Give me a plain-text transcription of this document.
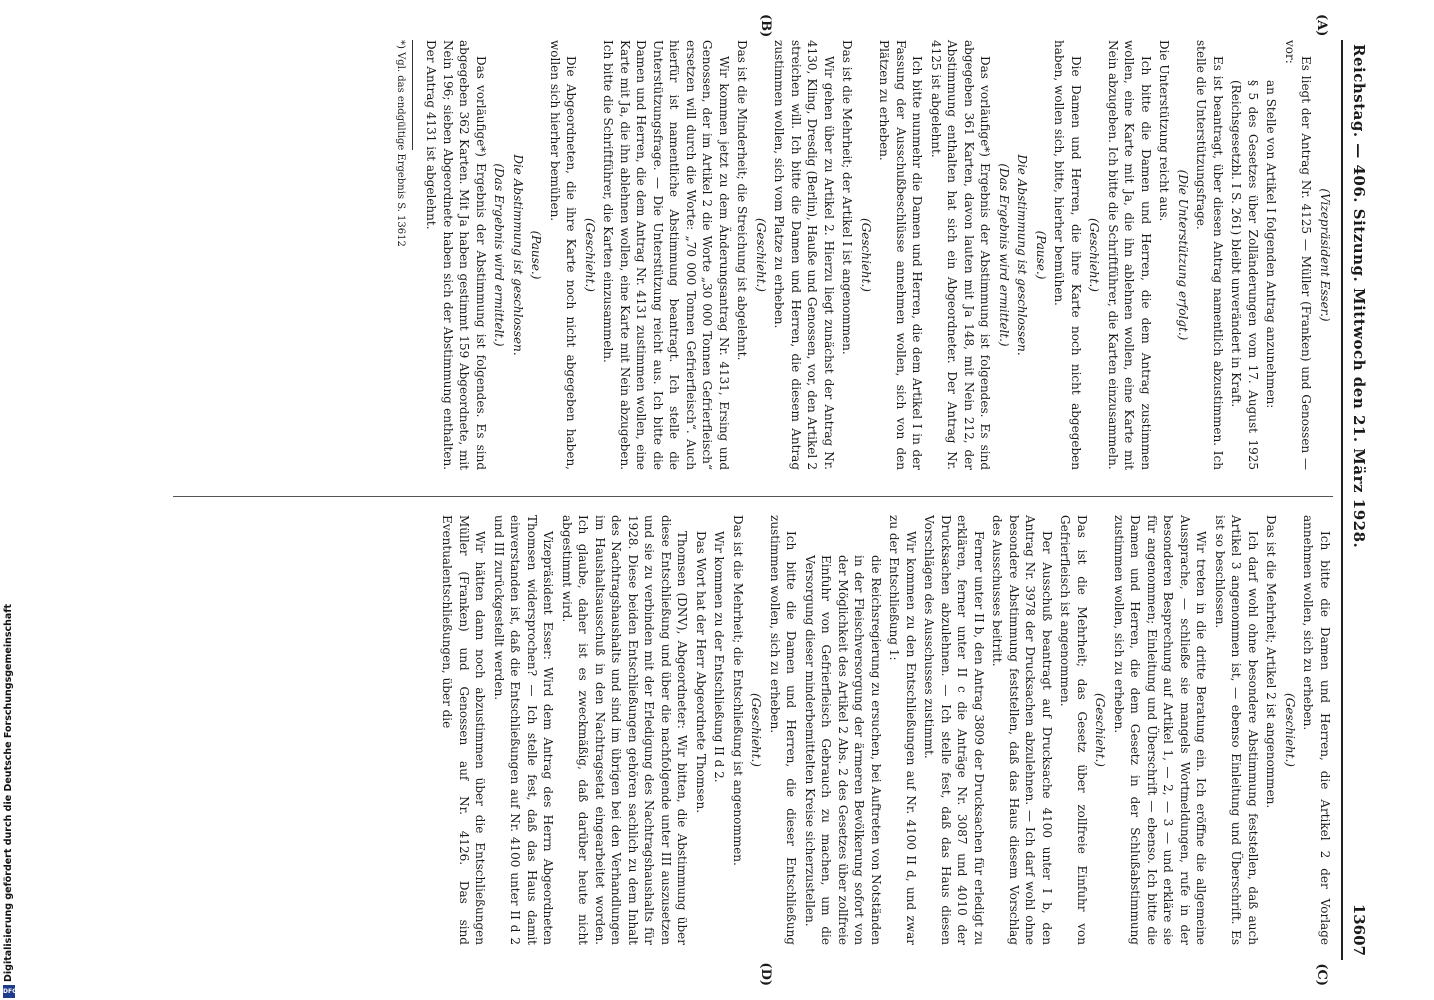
Reichstag. — 406. Sitzung. Mittwoch den 21. März 1928.
13607
(A)
(B)
(C)
(D)

(Vizepräsident Esser.)

Es liegt der Antrag Nr. 4125 — Müller (Franken) und Genossen — vor:

an Stelle von Artikel I folgenden Antrag anzunehmen:

§ 5 des Gesetzes über Zolländerungen vom 17. August 1925 (Reichsgesetzbl. I S. 261) bleibt unverändert in Kraft.

Es ist beantragt, über diesen Antrag namentlich abzustimmen. Ich stelle die Unterstützungsfrage.

(Die Unterstützung erfolgt.)

Die Unterstützung reicht aus.

Ich bitte die Damen und Herren, die dem Antrag zustimmen wollen, eine Karte mit Ja, die ihn ablehnen wollen, eine Karte mit Nein abzugeben. Ich bitte die Schriftführer, die Karten einzusammeln.

(Geschieht.)

Die Damen und Herren, die ihre Karte noch nicht abgegeben haben, wollen sich, bitte, hierher bemühen.

(Pause.)

Die Abstimmung ist geschlossen.

(Das Ergebnis wird ermittelt.)

Das vorläufige*) Ergebnis der Abstimmung ist folgendes. Es sind abgegeben 361 Karten, davon lauten mit Ja 148, mit Nein 212, der Abstimmung enthalten hat sich ein Abgeordneter. Der Antrag Nr. 4125 ist abgelehnt.

Ich bitte nunmehr die Damen und Herren, die dem Artikel I in der Fassung der Ausschußbeschlüsse annehmen wollen, sich von den Plätzen zu erheben.

(Geschieht.)

Das ist die Mehrheit; der Artikel I ist angenommen.

Wir gehen über zu Artikel 2. Hierzu liegt zunächst der Antrag Nr. 4130, Kling, Dresdig (Berlin), Hauße und Genossen, vor, den Artikel 2 streichen will. Ich bitte die Damen und Herren, die diesem Antrag zustimmen wollen, sich vom Platze zu erheben.

(Geschieht.)

Das ist die Minderheit; die Streichung ist abgelehnt.

Wir kommen jetzt zu dem Änderungsantrag Nr. 4131, Ersing und Genossen, der im Artikel 2 die Worte „30 000 Tonnen Gefrierfleisch“ ersetzen will durch die Worte: „70 000 Tonnen Gefrierfleisch“. Auch hierfür ist namentliche Abstimmung beantragt. Ich stelle die Unterstützungsfrage. — Die Unterstützung reicht aus. Ich bitte die Damen und Herren, die dem Antrag Nr. 4131 zustimmen wollen, eine Karte mit Ja, die ihn ablehnen wollen, eine Karte mit Nein abzugeben. Ich bitte die Schriftführer, die Karten einzusammeln.

(Geschieht.)

Die Abgeordneten, die ihre Karte noch nicht abgegeben haben, wollen sich hierher bemühen.

(Pause.)

Die Abstimmung ist geschlossen.

(Das Ergebnis wird ermittelt.)

Das vorläufige*) Ergebnis der Abstimmung ist folgendes. Es sind abgegeben 362 Karten. Mit Ja haben gestimmt 159 Abgeordnete, mit Nein 196; sieben Abgeordnete haben sich der Abstimmung enthalten. Der Antrag 4131 ist abgelehnt.

*) Vgl. das endgültige Ergebnis S. 13612

Ich bitte die Damen und Herren, die Artikel 2 der Vorlage annehmen wollen, sich zu erheben.

(Geschieht.)

Das ist die Mehrheit; Artikel 2 ist angenommen.

Ich darf wohl ohne besondere Abstimmung feststellen, daß auch Artikel 3 angenommen ist, — ebenso Einleitung und Überschrift. Es ist so beschlossen.

Wir treten in die dritte Beratung ein. Ich eröffne die allgemeine Aussprache, — schließe sie mangels Wortmeldungen, rufe in der besonderen Besprechung auf Artikel 1, — 2, — 3 — und erkläre sie für angenommen; Einleitung und Überschrift — ebenso. Ich bitte die Damen und Herren, die dem Gesetz in der Schlußabstimmung zustimmen wollen, sich zu erheben.

(Geschieht.)

Das ist die Mehrheit; das Gesetz über zollfreie Einfuhr von Gefrierfleisch ist angenommen.

Der Ausschuß beantragt auf Drucksache 4100 unter I b, den Antrag Nr. 3978 der Drucksachen abzulehnen. — Ich darf wohl ohne besondere Abstimmung feststellen, daß das Haus diesem Vorschlag des Ausschusses beitritt.

Ferner unter II b, den Antrag 3809 der Drucksachen für erledigt zu erklären, ferner unter II c die Anträge Nr. 3087 und 4010 der Drucksachen abzulehnen. — Ich stelle fest, daß das Haus diesen Vorschlägen des Ausschusses zustimmt.

Wir kommen zu den Entschließungen auf Nr. 4100 II d, und zwar zu der Entschließung 1:

die Reichsregierung zu ersuchen, bei Auftreten von Notständen in der Fleischversorgung der ärmeren Bevölkerung sofort von der Möglichkeit des Artikel 2 Abs. 2 des Gesetzes über zollfreie Einfuhr von Gefrierfleisch Gebrauch zu machen, um die Versorgung dieser minderbemittelten Kreise sicherzustellen.

Ich bitte die Damen und Herren, die dieser Entschließung zustimmen wollen, sich zu erheben.

(Geschieht.)

Das ist die Mehrheit; die Entschließung ist angenommen.

Wir kommen zu der Entschließung II d 2.

Das Wort hat der Herr Abgeordnete Thomsen.

Thomsen (DNV), Abgeordneter: Wir bitten, die Abstimmung über diese Entschließung und über die nachfolgende unter III auszusetzen und sie zu verbinden mit der Erledigung des Nachtragshaushalts für 1928. Diese beiden Entschließungen gehören sachlich zu dem Inhalt des Nachtragshaushalts und sind im übrigen bei den Verhandlungen im Haushaltsausschuß in den Nachtragsetat eingearbeitet worden. Ich glaube, daher ist es zweckmäßig, daß darüber heute nicht abgestimmt wird.

Vizepräsident Esser: Wird dem Antrag des Herrn Abgeordneten Thomsen widersprochen? — Ich stelle fest, daß das Haus damit einverstanden ist, daß die Entschließungen auf Nr. 4100 unter II d 2 und III zurückgestellt werden.

Wir hätten dann noch abzustimmen über die Entschließungen Müller (Franken) und Genossen auf Nr. 4126. Das sind Eventualentschließungen, über die

Digitalisierung gefördert durch die Deutsche Forschungsgemeinschaft
DFG
